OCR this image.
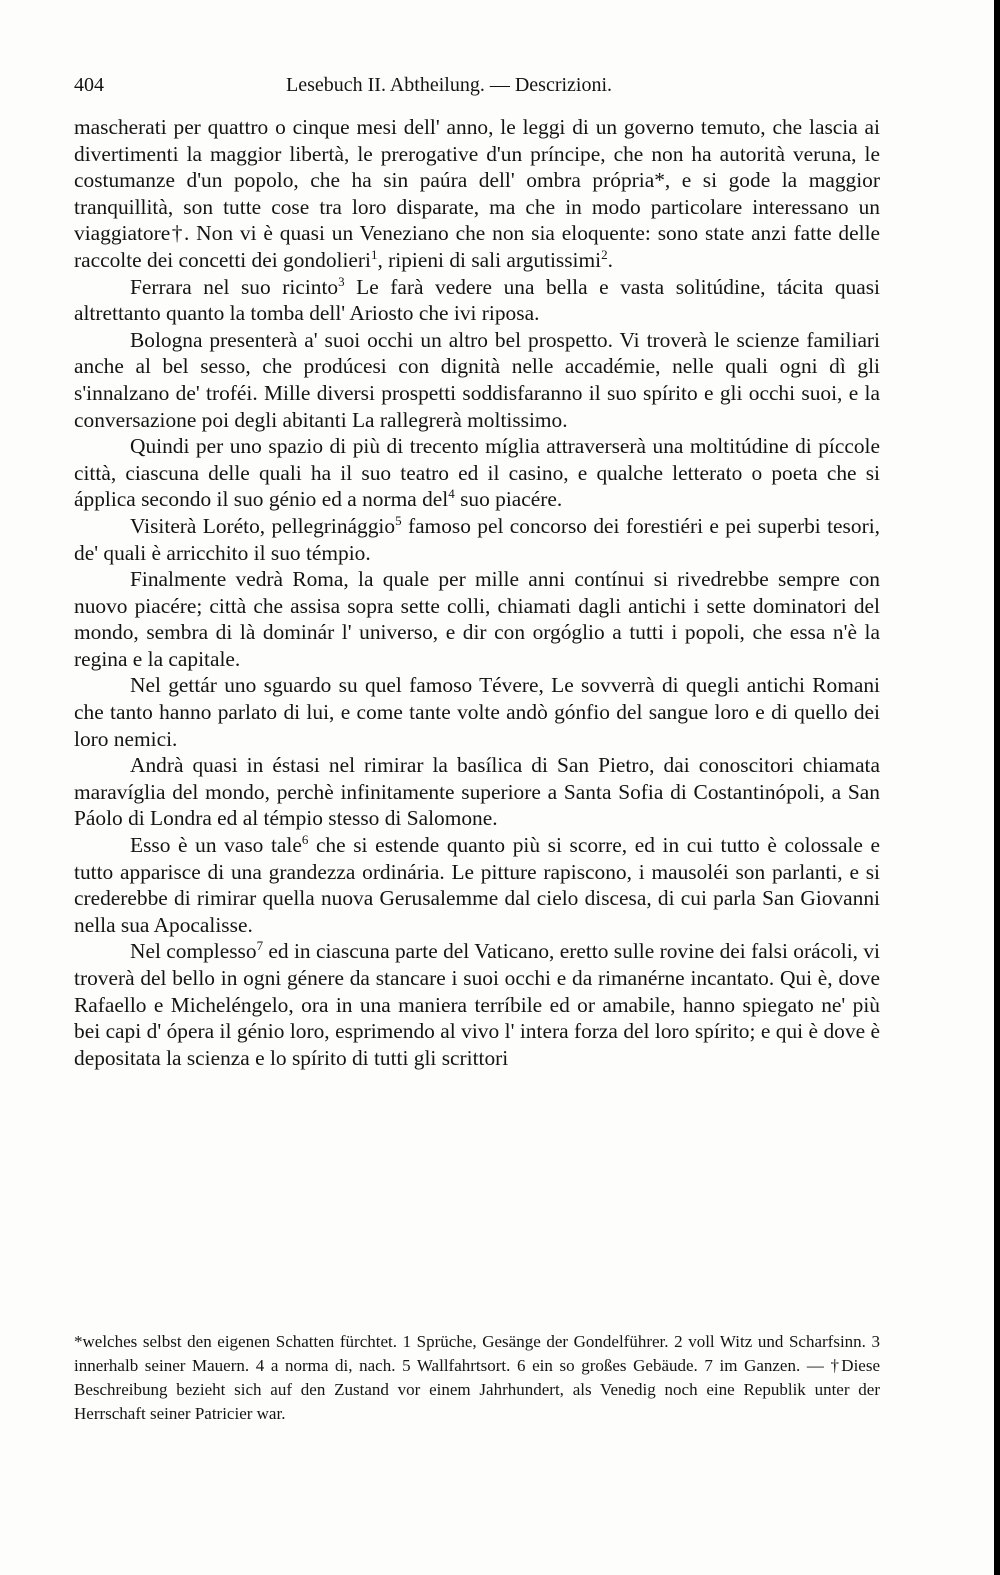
404	Lesebuch II. Abtheilung. — Descrizioni.

mascherati per quattro o cinque mesi dell' anno, le leggi di un governo temuto, che lascia ai divertimenti la maggior libertà, le prerogative d'un príncipe, che non ha autorità veruna, le costumanze d'un popolo, che ha sin paúra dell' ombra própria*, e si gode la maggior tranquillità, son tutte cose tra loro disparate, ma che in modo particolare interessano un viaggiatore†. Non vi è quasi un Veneziano che non sia eloquente: sono state anzi fatte delle raccolte dei concetti dei gondolieri$^1$, ripieni di sali argutissimi$^2$.

Ferrara nel suo ricinto$^3$ Le farà vedere una bella e vasta solitúdine, tácita quasi altrettanto quanto la tomba dell' Ariosto che ivi riposa.

Bologna presenterà a' suoi occhi un altro bel prospetto. Vi troverà le scienze familiari anche al bel sesso, che prodúcesi con dignità nelle accadémie, nelle quali ogni dì gli s'innalzano de' troféi. Mille diversi prospetti soddisfaranno il suo spírito e gli occhi suoi, e la conversazione poi degli abitanti La rallegrerà moltissimo.

Quindi per uno spazio di più di trecento míglia attraverserà una moltitúdine di píccole città, ciascuna delle quali ha il suo teatro ed il casino, e qualche letterato o poeta che si ápplica secondo il suo génio ed a norma del$^4$ suo piacére.

Visiterà Loréto, pellegrinággio$^5$ famoso pel concorso dei forestiéri e pei superbi tesori, de' quali è arricchito il suo témpio.

Finalmente vedrà Roma, la quale per mille anni contínui si rivedrebbe sempre con nuovo piacére; città che assisa sopra sette colli, chiamati dagli antichi i sette dominatori del mondo, sembra di là dominár l' universo, e dir con orgóglio a tutti i popoli, che essa n'è la regina e la capitale.

Nel gettár uno sguardo su quel famoso Tévere, Le sovverrà di quegli antichi Romani che tanto hanno parlato di lui, e come tante volte andò gónfio del sangue loro e di quello dei loro nemici.

Andrà quasi in éstasi nel rimirar la basílica di San Pietro, dai conoscitori chiamata maravíglia del mondo, perchè infinitamente superiore a Santa Sofia di Costantinópoli, a San Páolo di Londra ed al témpio stesso di Salomone.

Esso è un vaso tale$^6$ che si estende quanto più si scorre, ed in cui tutto è colossale e tutto apparisce di una grandezza ordinária. Le pitture rapiscono, i mausoléi son parlanti, e si crederebbe di rimirar quella nuova Gerusalemme dal cielo discesa, di cui parla San Giovanni nella sua Apocalisse.

Nel complesso$^7$ ed in ciascuna parte del Vaticano, eretto sulle rovine dei falsi orácoli, vi troverà del bello in ogni génere da stancare i suoi occhi e da rimanérne incantato. Qui è, dove Rafaello e Micheléngelo, ora in una maniera terríbile ed or amabile, hanno spiegato ne' più bei capi d' ópera il génio loro, esprimendo al vivo l' intera forza del loro spírito; e qui è dove è depositata la scienza e lo spírito di tutti gli scrittori

*welches selbst den eigenen Schatten fürchtet. 1 Sprüche, Gesänge der Gondelführer. 2 voll Witz und Scharfsinn. 3 innerhalb seiner Mauern. 4 a norma di, nach. 5 Wallfahrtsort. 6 ein so großes Gebäude. 7 im Ganzen. — †Diese Beschreibung bezieht sich auf den Zustand vor einem Jahrhundert, als Venedig noch eine Republik unter der Herrschaft seiner Patricier war.
